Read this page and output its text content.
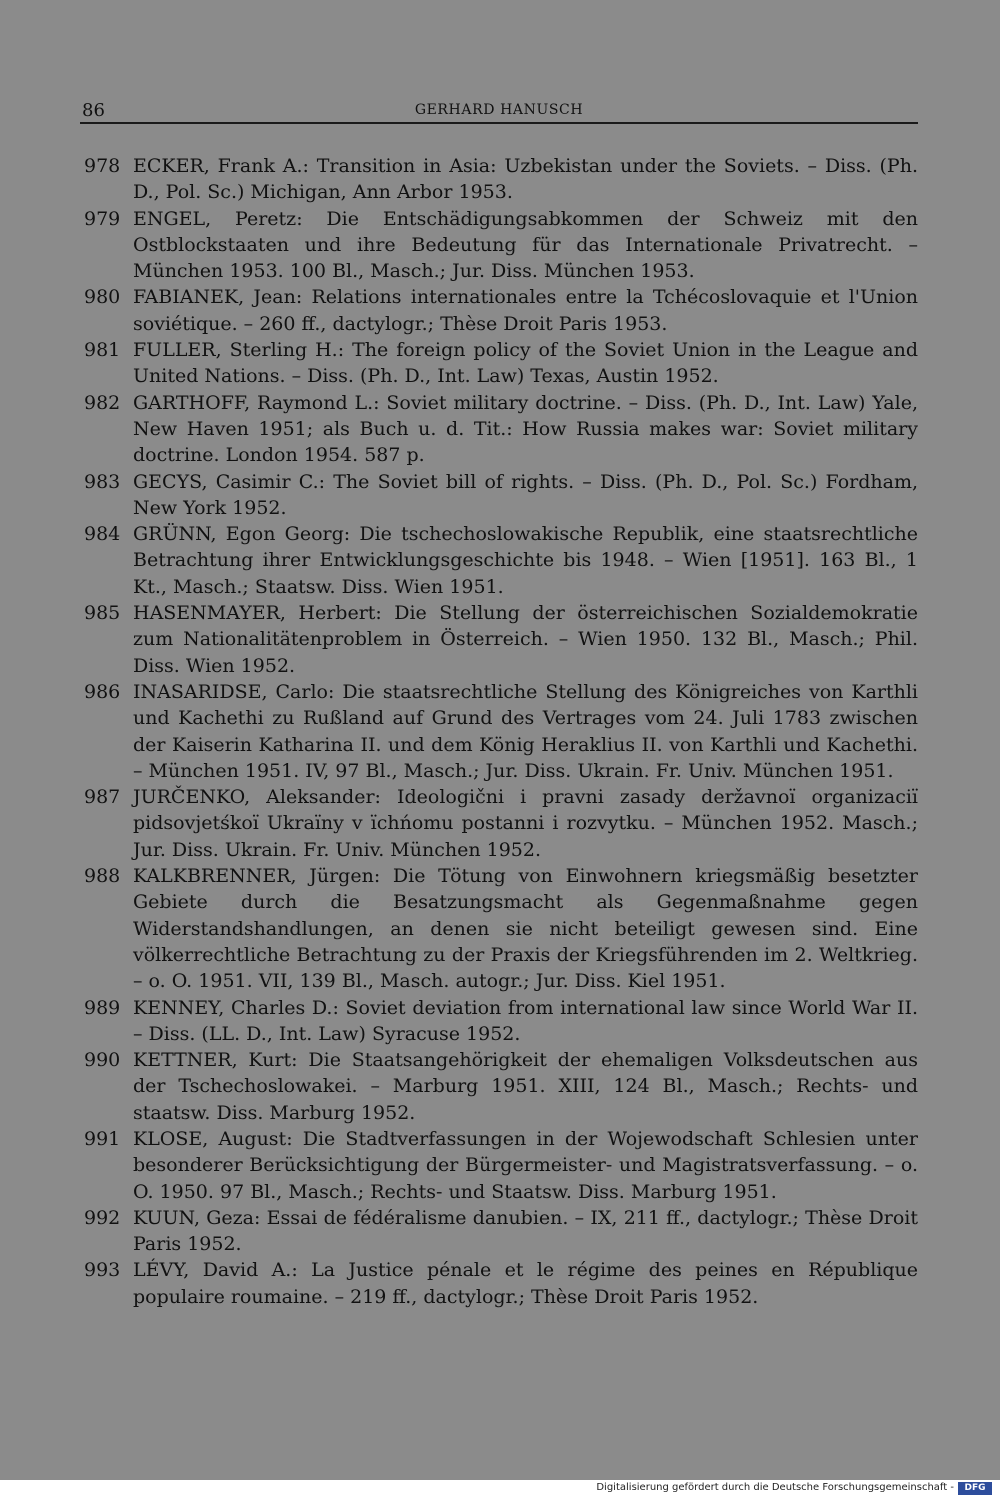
86	GERHARD HANUSCH
978 ECKER, Frank A.: Transition in Asia: Uzbekistan under the Soviets. – Diss. (Ph. D., Pol. Sc.) Michigan, Ann Arbor 1953.
979 ENGEL, Peretz: Die Entschädigungsabkommen der Schweiz mit den Ostblockstaaten und ihre Bedeutung für das Internationale Privatrecht. – München 1953. 100 Bl., Masch.; Jur. Diss. München 1953.
980 FABIANEK, Jean: Relations internationales entre la Tchécoslovaquie et l'Union soviétique. – 260 ff., dactylogr.; Thèse Droit Paris 1953.
981 FULLER, Sterling H.: The foreign policy of the Soviet Union in the League and United Nations. – Diss. (Ph. D., Int. Law) Texas, Austin 1952.
982 GARTHOFF, Raymond L.: Soviet military doctrine. – Diss. (Ph. D., Int. Law) Yale, New Haven 1951; als Buch u. d. Tit.: How Russia makes war: Soviet military doctrine. London 1954. 587 p.
983 GECYS, Casimir C.: The Soviet bill of rights. – Diss. (Ph. D., Pol. Sc.) Fordham, New York 1952.
984 GRÜNN, Egon Georg: Die tschechoslowakische Republik, eine staatsrechtliche Betrachtung ihrer Entwicklungsgeschichte bis 1948. – Wien [1951]. 163 Bl., 1 Kt., Masch.; Staatsw. Diss. Wien 1951.
985 HASENMAYER, Herbert: Die Stellung der österreichischen Sozialdemokratie zum Nationalitätenproblem in Österreich. – Wien 1950. 132 Bl., Masch.; Phil. Diss. Wien 1952.
986 INASARIDSE, Carlo: Die staatsrechtliche Stellung des Königreiches von Karthli und Kachethi zu Rußland auf Grund des Vertrages vom 24. Juli 1783 zwischen der Kaiserin Katharina II. und dem König Heraklius II. von Karthli und Kachethi. – München 1951. IV, 97 Bl., Masch.; Jur. Diss. Ukrain. Fr. Univ. München 1951.
987 JURČENKO, Aleksander: Ideologični i pravni zasady deržavnoï organizaciï pidsovjetśkoï Ukraïny v ïchńomu postanni i rozvytku. – München 1952. Masch.; Jur. Diss. Ukrain. Fr. Univ. München 1952.
988 KALKBRENNER, Jürgen: Die Tötung von Einwohnern kriegsmäßig besetzter Gebiete durch die Besatzungsmacht als Gegenmaßnahme gegen Widerstandshandlungen, an denen sie nicht beteiligt gewesen sind. Eine völkerrechtliche Betrachtung zu der Praxis der Kriegsführenden im 2. Weltkrieg. – o. O. 1951. VII, 139 Bl., Masch. autogr.; Jur. Diss. Kiel 1951.
989 KENNEY, Charles D.: Soviet deviation from international law since World War II. – Diss. (LL. D., Int. Law) Syracuse 1952.
990 KETTNER, Kurt: Die Staatsangehörigkeit der ehemaligen Volksdeutschen aus der Tschechoslowakei. – Marburg 1951. XIII, 124 Bl., Masch.; Rechts- und staatsw. Diss. Marburg 1952.
991 KLOSE, August: Die Stadtverfassungen in der Wojewodschaft Schlesien unter besonderer Berücksichtigung der Bürgermeister- und Magistratsverfassung. – o. O. 1950. 97 Bl., Masch.; Rechts- und Staatsw. Diss. Marburg 1951.
992 KUUN, Geza: Essai de fédéralisme danubien. – IX, 211 ff., dactylogr.; Thèse Droit Paris 1952.
993 LÉVY, David A.: La Justice pénale et le régime des peines en République populaire roumaine. – 219 ff., dactylogr.; Thèse Droit Paris 1952.
Digitalisierung gefördert durch die Deutsche Forschungsgemeinschaft -	DFG
